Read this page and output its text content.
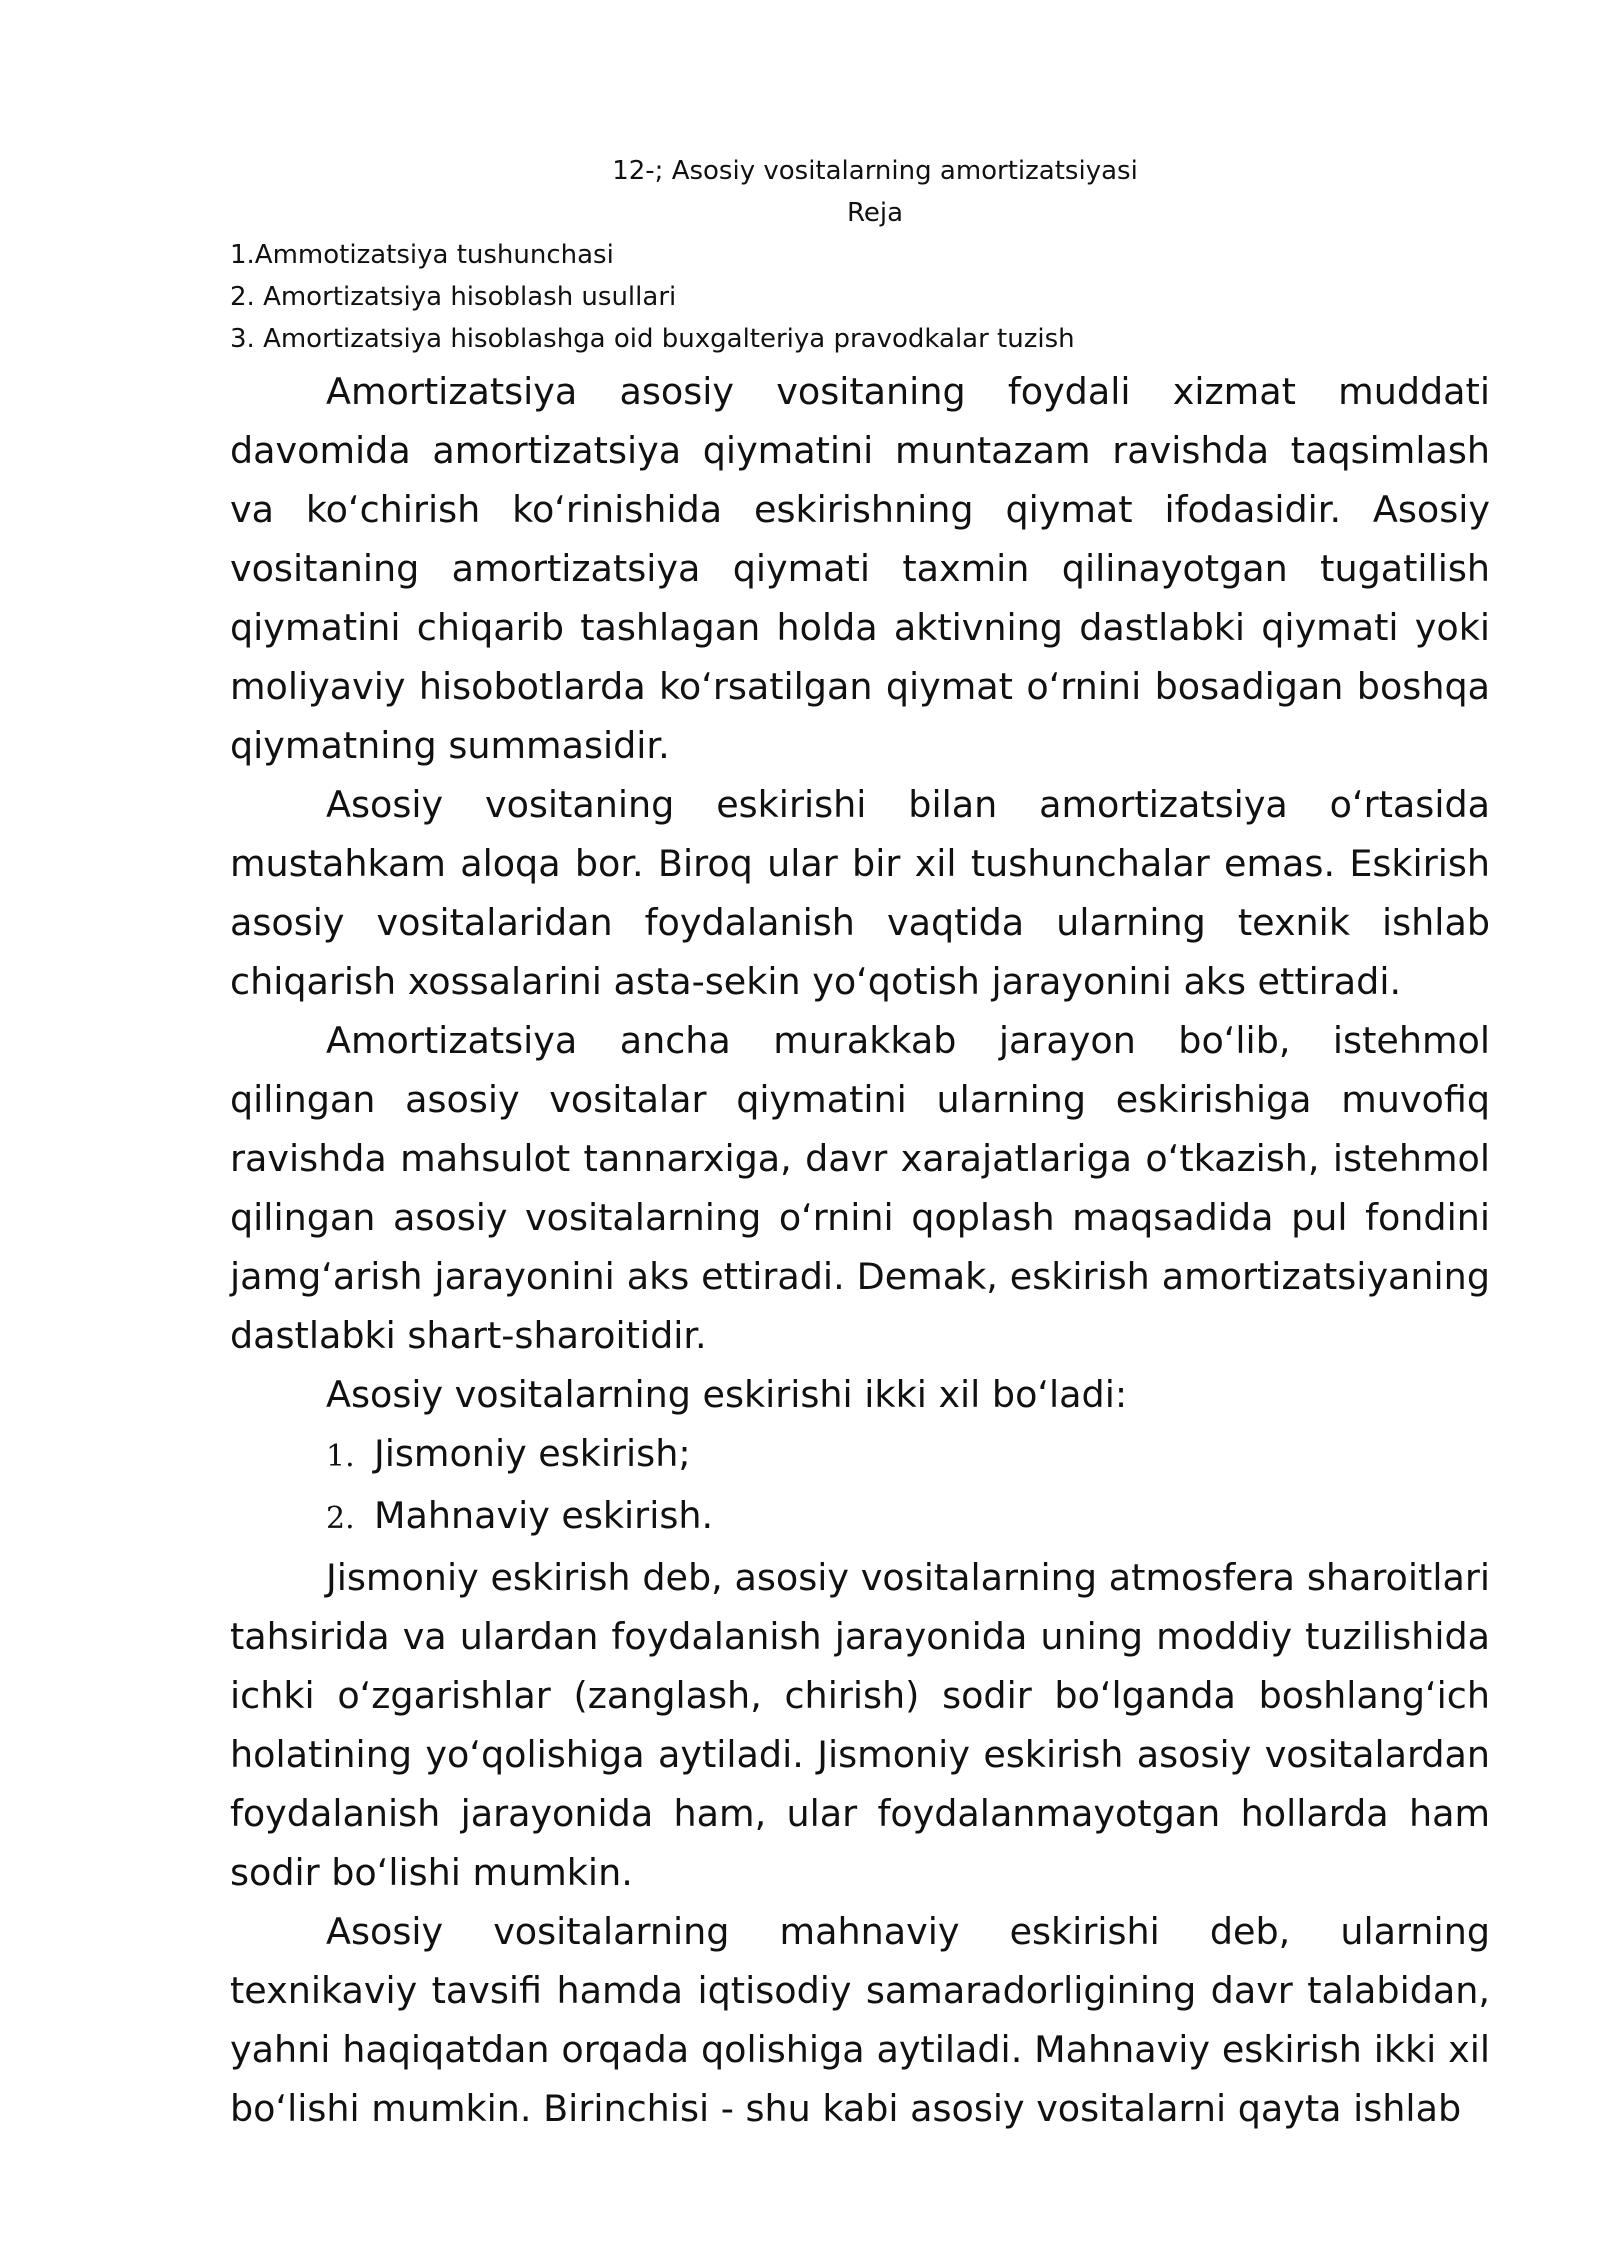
12-; Asosiy vositalarning amortizatsiyasi

Reja

1.Ammotizatsiya tushunchasi
2. Amortizatsiya hisoblash usullari
3. Amortizatsiya hisoblashga oid buxgalteriya pravodkalar tuzish

Amortizatsiya asosiy vositaning foydali xizmat muddati davomida amortizatsiya qiymatini muntazam ravishda taqsimlash va koʻchirish koʻrinishida eskirishning qiymat ifodasidir. Asosiy vositaning amortizatsiya qiymati taxmin qilinayotgan tugatilish qiymatini chiqarib tashlagan holda aktivning dastlabki qiymati yoki moliyaviy hisobotlarda koʻrsatilgan qiymat oʻrnini bosadigan boshqa qiymatning summasidir.

Asosiy vositaning eskirishi bilan amortizatsiya oʻrtasida mustahkam aloqa bor. Biroq ular bir xil tushunchalar emas. Eskirish asosiy vositalaridan foydalanish vaqtida ularning texnik ishlab chiqarish xossalarini asta-sekin yoʻqotish jarayonini aks ettiradi.

Amortizatsiya ancha murakkab jarayon boʻlib, istehmol qilingan asosiy vositalar qiymatini ularning eskirishiga muvofiq ravishda mahsulot tannarxiga, davr xarajatlariga oʻtkazish, istehmol qilingan asosiy vositalarning oʻrnini qoplash maqsadida pul fondini jamgʻarish jarayonini aks ettiradi. Demak, eskirish amortizatsiyaning dastlabki shart-sharoitidir.

Asosiy vositalarning eskirishi ikki xil boʻladi:

1. Jismoniy eskirish;
2. Mahnaviy eskirish.

Jismoniy eskirish deb, asosiy vositalarning atmosfera sharoitlari tahsirida va ulardan foydalanish jarayonida uning moddiy tuzilishida ichki oʻzgarishlar (zanglash, chirish) sodir boʻlganda boshlangʻich holatining yoʻqolishiga aytiladi. Jismoniy eskirish asosiy vositalardan foydalanish jarayonida ham, ular foydalanmayotgan hollarda ham sodir boʻlishi mumkin.

Asosiy vositalarning mahnaviy eskirishi deb, ularning texnikaviy tavsifi hamda iqtisodiy samaradorligining davr talabidan, yahni haqiqatdan orqada qolishiga aytiladi. Mahnaviy eskirish ikki xil boʻlishi mumkin. Birinchisi - shu kabi asosiy vositalarni qayta ishlab
